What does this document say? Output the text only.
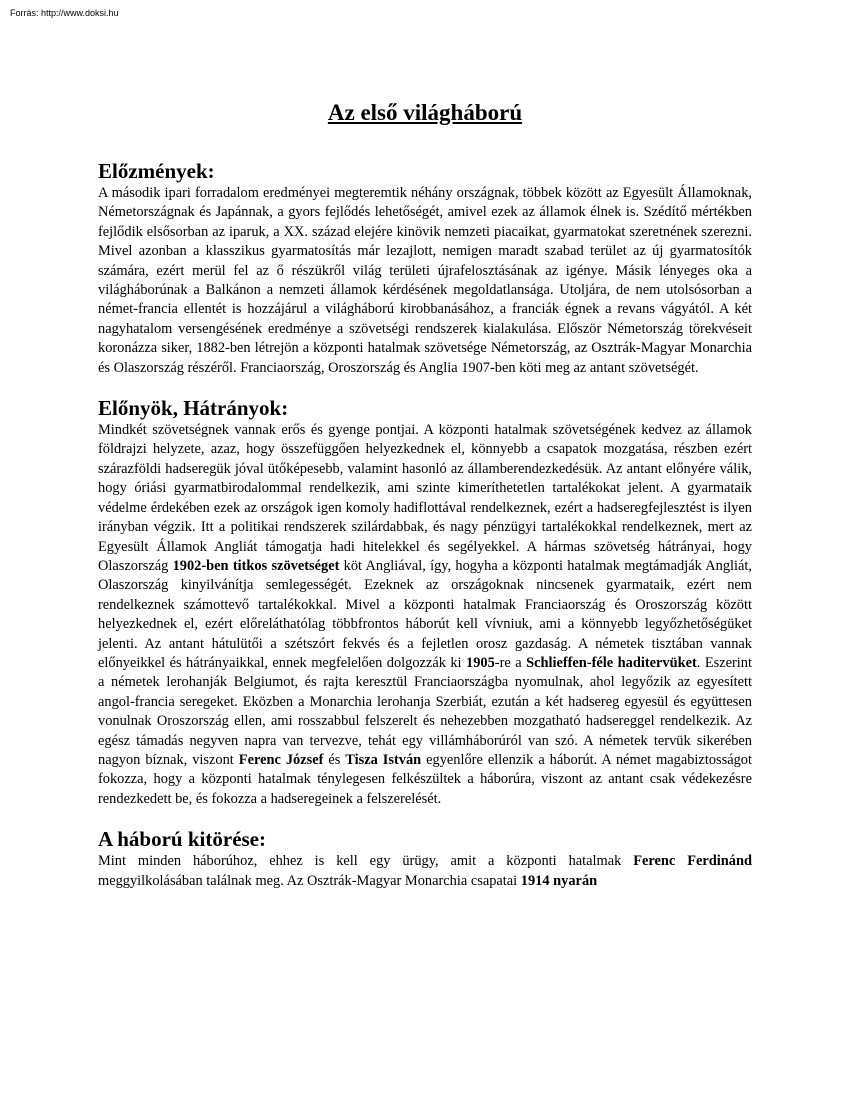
Forrás: http://www.doksi.hu
Az első világháború
Előzmények:

A második ipari forradalom eredményei megteremtik néhány országnak, többek között az Egyesült Államoknak, Németországnak és Japánnak, a gyors fejlődés lehetőségét, amivel ezek az államok élnek is. Szédítő mértékben fejlődik elsősorban az iparuk, a XX. század elejére kinövik nemzeti piacaikat, gyarmatokat szeretnének szerezni. Mivel azonban a klasszikus gyarmatosítás már lezajlott, nemigen maradt szabad terület az új gyarmatosítók számára, ezért merül fel az ő részükről világ területi újrafelosztásának az igénye. Másik lényeges oka a világháborúnak a Balkánon a nemzeti államok kérdésének megoldatlansága. Utoljára, de nem utolsósorban a német-francia ellentét is hozzájárul a világháború kirobbanásához, a franciák égnek a revans vágyától. A két nagyhatalom versengésének eredménye a szövetségi rendszerek kialakulása. Először Németország törekvéseit koronázza siker, 1882-ben létrejön a központi hatalmak szövetsége Németország, az Osztrák-Magyar Monarchia és Olaszország részéről. Franciaország, Oroszország és Anglia 1907-ben köti meg az antant szövetségét.

Előnyök, Hátrányok:

Mindkét szövetségnek vannak erős és gyenge pontjai. A központi hatalmak szövetségének kedvez az államok földrajzi helyzete, azaz, hogy összefüggően helyezkednek el, könnyebb a csapatok mozgatása, részben ezért szárazföldi hadseregük jóval ütőképesebb, valamint hasonló az államberendezkedésük. Az antant előnyére válik, hogy óriási gyarmatbirodalommal rendelkezik, ami szinte kimeríthetetlen tartalékokat jelent. A gyarmataik védelme érdekében ezek az országok igen komoly hadiflottával rendelkeznek, ezért a hadseregfejlesztést is ilyen irányban végzik. Itt a politikai rendszerek szilárdabbak, és nagy pénzügyi tartalékokkal rendelkeznek, mert az Egyesült Államok Angliát támogatja hadi hitelekkel és segélyekkel. A hármas szövetség hátrányai, hogy Olaszország 1902-ben titkos szövetséget köt Angliával, így, hogyha a központi hatalmak megtámadják Angliát, Olaszország kinyilvánítja semlegességét. Ezeknek az országoknak nincsenek gyarmataik, ezért nem rendelkeznek számottevő tartalékokkal. Mivel a központi hatalmak Franciaország és Oroszország között helyezkednek el, ezért előreláthatólag többfrontos háborút kell vívniuk, ami a könnyebb legyőzhetőségüket jelenti. Az antant hátulütői a szétszórt fekvés és a fejletlen orosz gazdaság. A németek tisztában vannak előnyeikkel és hátrányaikkal, ennek megfelelően dolgozzák ki 1905-re a Schlieffen-féle haditervüket. Eszerint a németek lerohanják Belgiumot, és rajta keresztül Franciaországba nyomulnak, ahol legyőzik az egyesített angol-francia seregeket. Eközben a Monarchia lerohanja Szerbiát, ezután a két hadsereg egyesül és együttesen vonulnak Oroszország ellen, ami rosszabbul felszerelt és nehezebben mozgatható hadsereggel rendelkezik. Az egész támadás negyven napra van tervezve, tehát egy villámháborúról van szó. A németek tervük sikerében nagyon bíznak, viszont Ferenc József és Tisza István egyenlőre ellenzik a háborút. A német magabiztosságot fokozza, hogy a központi hatalmak ténylegesen felkészültek a háborúra, viszont az antant csak védekezésre rendezkedett be, és fokozza a hadseregeinek a felszerelését.

A háború kitörése:

Mint minden háborúhoz, ehhez is kell egy ürügy, amit a központi hatalmak Ferenc Ferdinánd meggyilkolásában találnak meg. Az Osztrák-Magyar Monarchia csapatai 1914 nyarán
